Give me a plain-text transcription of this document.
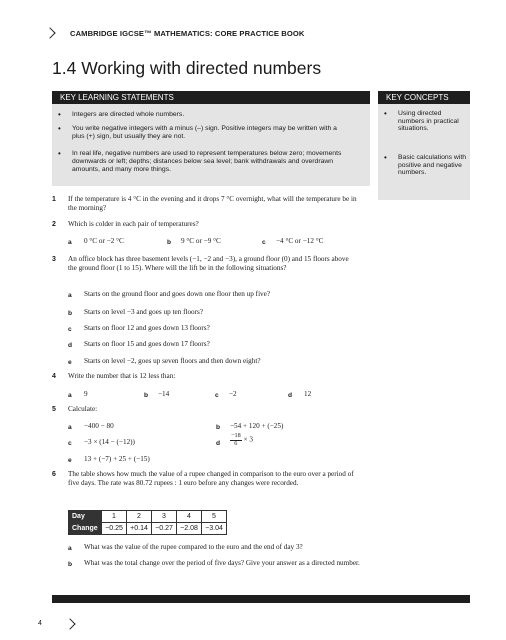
CAMBRIDGE IGCSE™ MATHEMATICS: CORE PRACTICE BOOK
1.4 Working with directed numbers
KEY LEARNING STATEMENTS
• Integers are directed whole numbers.
• You write negative integers with a minus (–) sign. Positive integers may be written with a plus (+) sign, but usually they are not.
• In real life, negative numbers are used to represent temperatures below zero; movements downwards or left; depths; distances below sea level; bank withdrawals and overdrawn amounts, and many more things.
KEY CONCEPTS
• Using directed numbers in practical situations.
• Basic calculations with positive and negative numbers.
1 If the temperature is 4 °C in the evening and it drops 7 °C overnight, what will the temperature be in the morning?
2 Which is colder in each pair of temperatures?
a 0 °C or −2 °C	b 9 °C or −9 °C	c −4 °C or −12 °C
3 An office block has three basement levels (−1, −2 and −3), a ground floor (0) and 15 floors above the ground floor (1 to 15). Where will the lift be in the following situations?
a Starts on the ground floor and goes down one floor then up five?
b Starts on level −3 and goes up ten floors?
c Starts on floor 12 and goes down 13 floors?
d Starts on floor 15 and goes down 17 floors?
e Starts on level −2, goes up seven floors and then down eight?
4 Write the number that is 12 less than:
a 9	b −14	c −2	d 12
5 Calculate:
a −400 − 80	b −54 + 120 + (−25)
c −3 × (14 − (−12))	d $\frac{-18}{6} \times 3$
e 13 + (−7) + 25 + (−15)
6 The table shows how much the value of a rupee changed in comparison to the euro over a period of five days. The rate was 80.72 rupees : 1 euro before any changes were recorded.
Day	1	2	3	4	5
Change	−0.25	+0.14	−0.27	−2.08	−3.04
a What was the value of the rupee compared to the euro and the end of day 3?
b What was the total change over the period of five days? Give your answer as a directed number.
4
